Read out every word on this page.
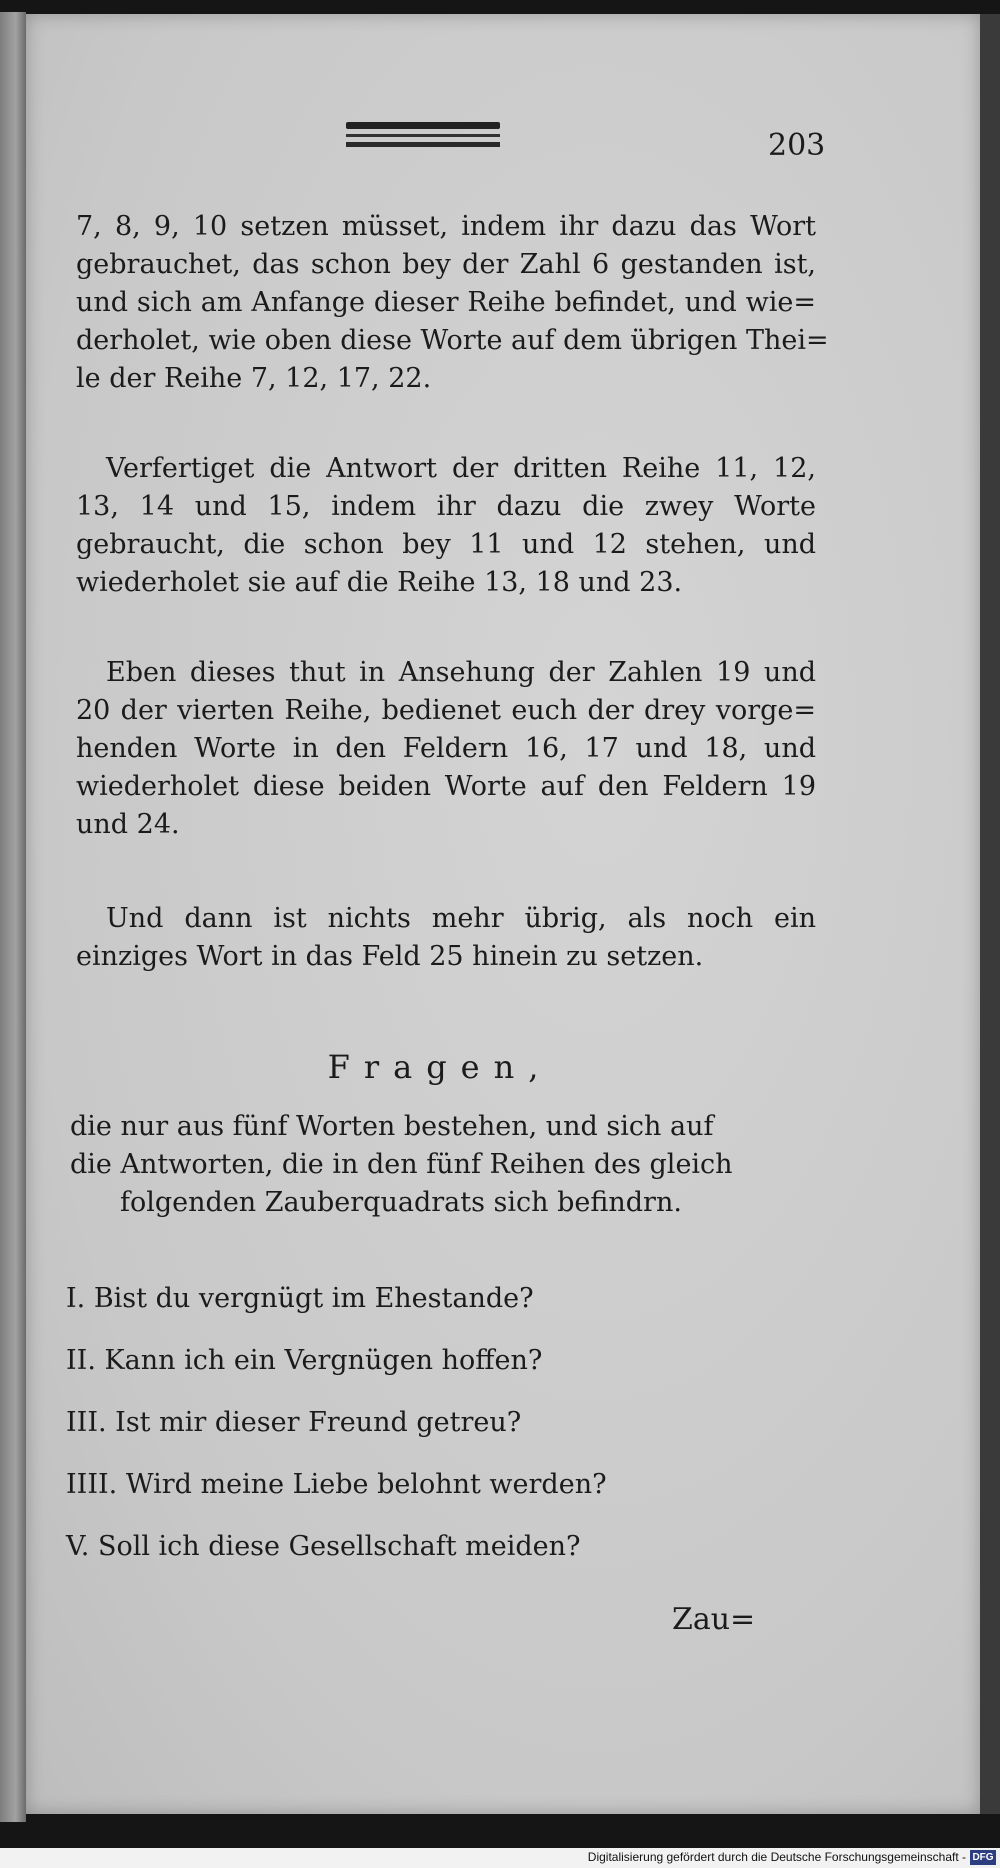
203
7, 8, 9, 10 setzen müsset, indem ihr dazu das Wort
gebrauchet, das schon bey der Zahl 6 gestanden ist,
und sich am Anfange dieser Reihe befindet, und wie=
derholet, wie oben diese Worte auf dem übrigen Thei=
le der Reihe 7, 12, 17, 22.
Verfertiget die Antwort der dritten Reihe 11, 12,
13, 14 und 15, indem ihr dazu die zwey Worte
gebraucht, die schon bey 11 und 12 stehen, und
wiederholet sie auf die Reihe 13, 18 und 23.
Eben dieses thut in Ansehung der Zahlen 19 und
20 der vierten Reihe, bedienet euch der drey vorge=
henden Worte in den Feldern 16, 17 und 18, und
wiederholet diese beiden Worte auf den Feldern 19
und 24.
Und dann ist nichts mehr übrig, als noch ein
einziges Wort in das Feld 25 hinein zu setzen.
Fragen,
die nur aus fünf Worten bestehen, und sich auf
die Antworten, die in den fünf Reihen des gleich
folgenden Zauberquadrats sich befindrn.
I. Bist du vergnügt im Ehestande?
II. Kann ich ein Vergnügen hoffen?
III. Ist mir dieser Freund getreu?
IIII. Wird meine Liebe belohnt werden?
V. Soll ich diese Gesellschaft meiden?
Zau=
Digitalisierung gefördert durch die Deutsche Forschungsgemeinschaft - DFG
